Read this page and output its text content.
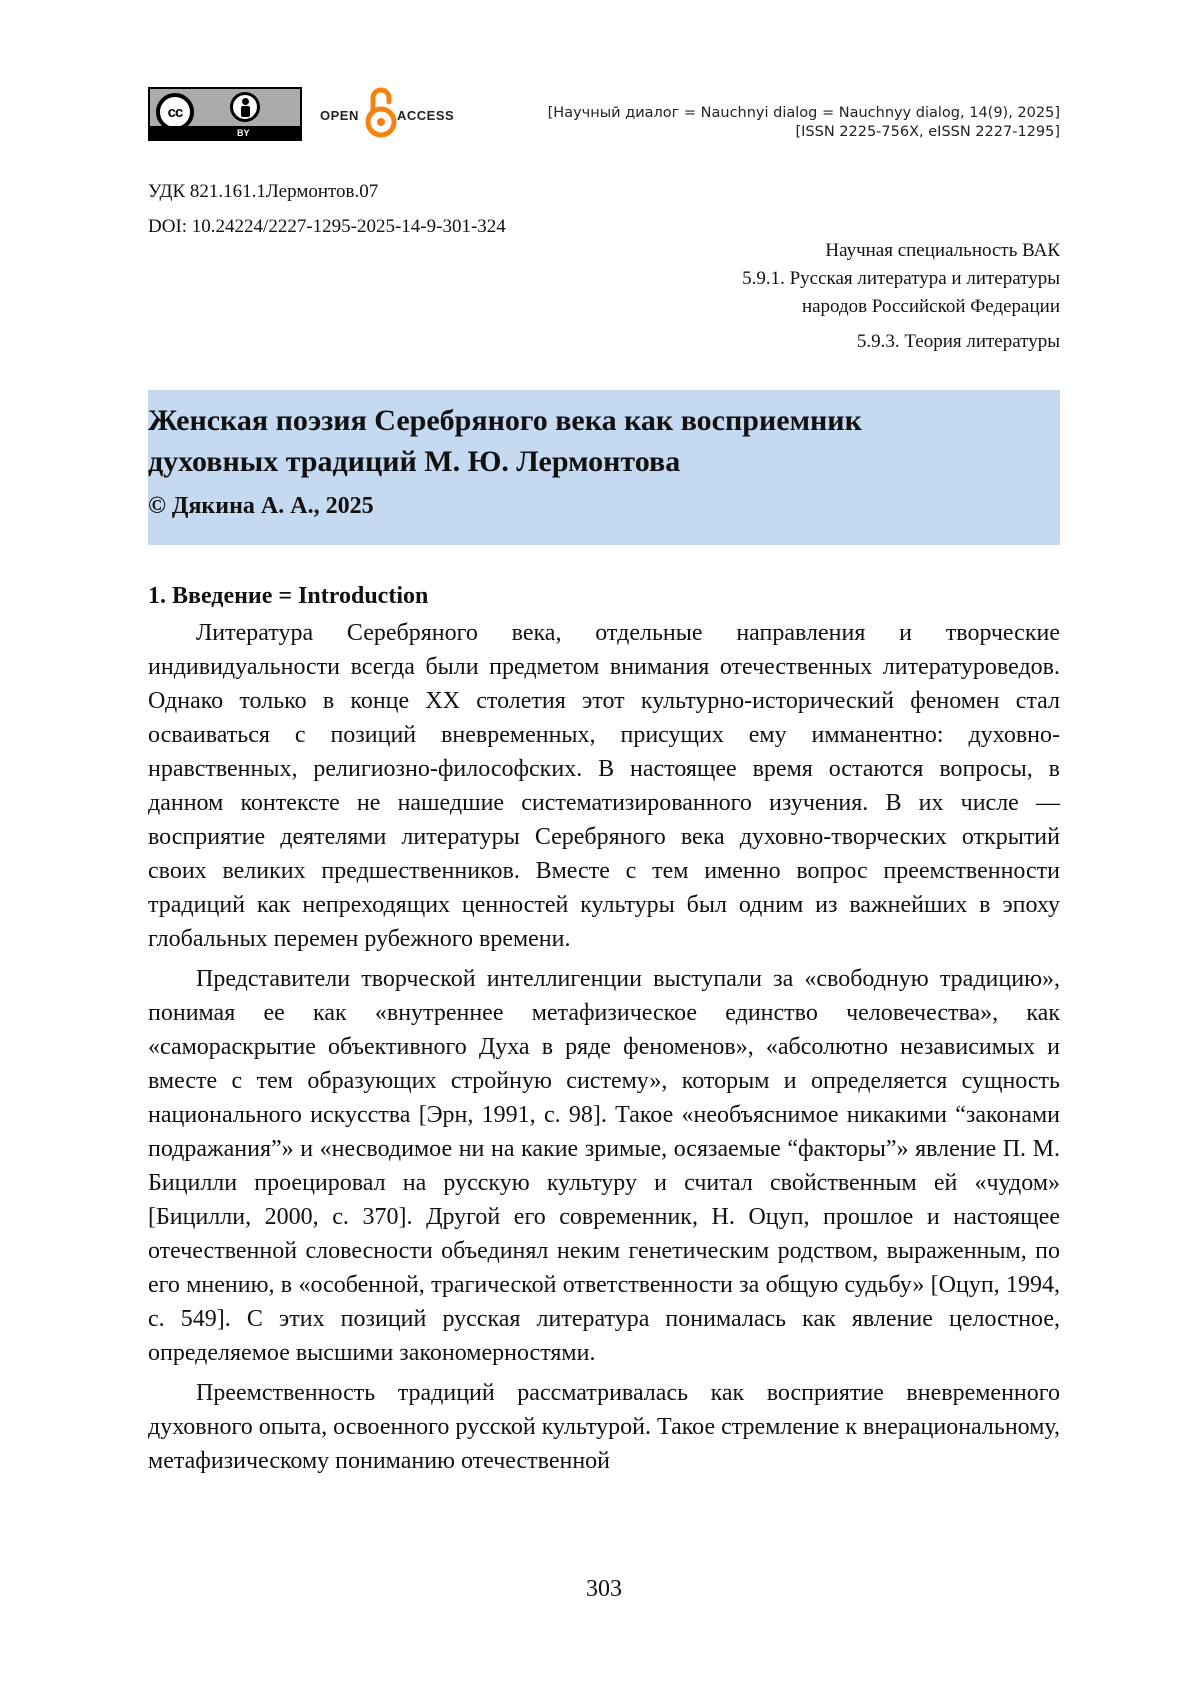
cc
BY
OPEN	ACCESS	[Научный диалог = Nauchnyi dialog = Nauchnyy dialog, 14(9), 2025]
[ISSN 2225-756X, eISSN 2227-1295]
УДК 821.161.1Лермонтов.07
DOI: 10.24224/2227-1295-2025-14-9-301-324
Научная специальность ВАК
5.9.1. Русская литература и литературы
народов Российской Федерации
5.9.3. Теория литературы
Женская поэзия Серебряного века как восприемник
духовных традиций М. Ю. Лермонтова
© Дякина А. А., 2025
1. Введение = Introduction

Литература Серебряного века, отдельные направления и творческие индивидуальности всегда были предметом внимания отечественных литературоведов. Однако только в конце XX столетия этот культурно-исторический феномен стал осваиваться с позиций вневременных, присущих ему имманентно: духовно-нравственных, религиозно-философских. В настоящее время остаются вопросы, в данном контексте не нашедшие систематизированного изучения. В их числе — восприятие деятелями литературы Серебряного века духовно-творческих открытий своих великих предшественников. Вместе с тем именно вопрос преемственности традиций как непреходящих ценностей культуры был одним из важнейших в эпоху глобальных перемен рубежного времени.

Представители творческой интеллигенции выступали за «свободную традицию», понимая ее как «внутреннее метафизическое единство человечества», как «самораскрытие объективного Духа в ряде феноменов», «абсолютно независимых и вместе с тем образующих стройную систему», которым и определяется сущность национального искусства [Эрн, 1991, с. 98]. Такое «необъяснимое никакими “законами подражания”» и «несводимое ни на какие зримые, осязаемые “факторы”» явление П. М. Бицилли проецировал на русскую культуру и считал свойственным ей «чудом» [Бицилли, 2000, с. 370]. Другой его современник, Н. Оцуп, прошлое и настоящее отечественной словесности объединял неким генетическим родством, выраженным, по его мнению, в «особенной, трагической ответственности за общую судьбу» [Оцуп, 1994, с. 549]. С этих позиций русская литература понималась как явление целостное, определяемое высшими закономерностями.

Преемственность традиций рассматривалась как восприятие вневременного духовного опыта, освоенного русской культурой. Такое стремление к внерациональному, метафизическому пониманию отечественной

303
